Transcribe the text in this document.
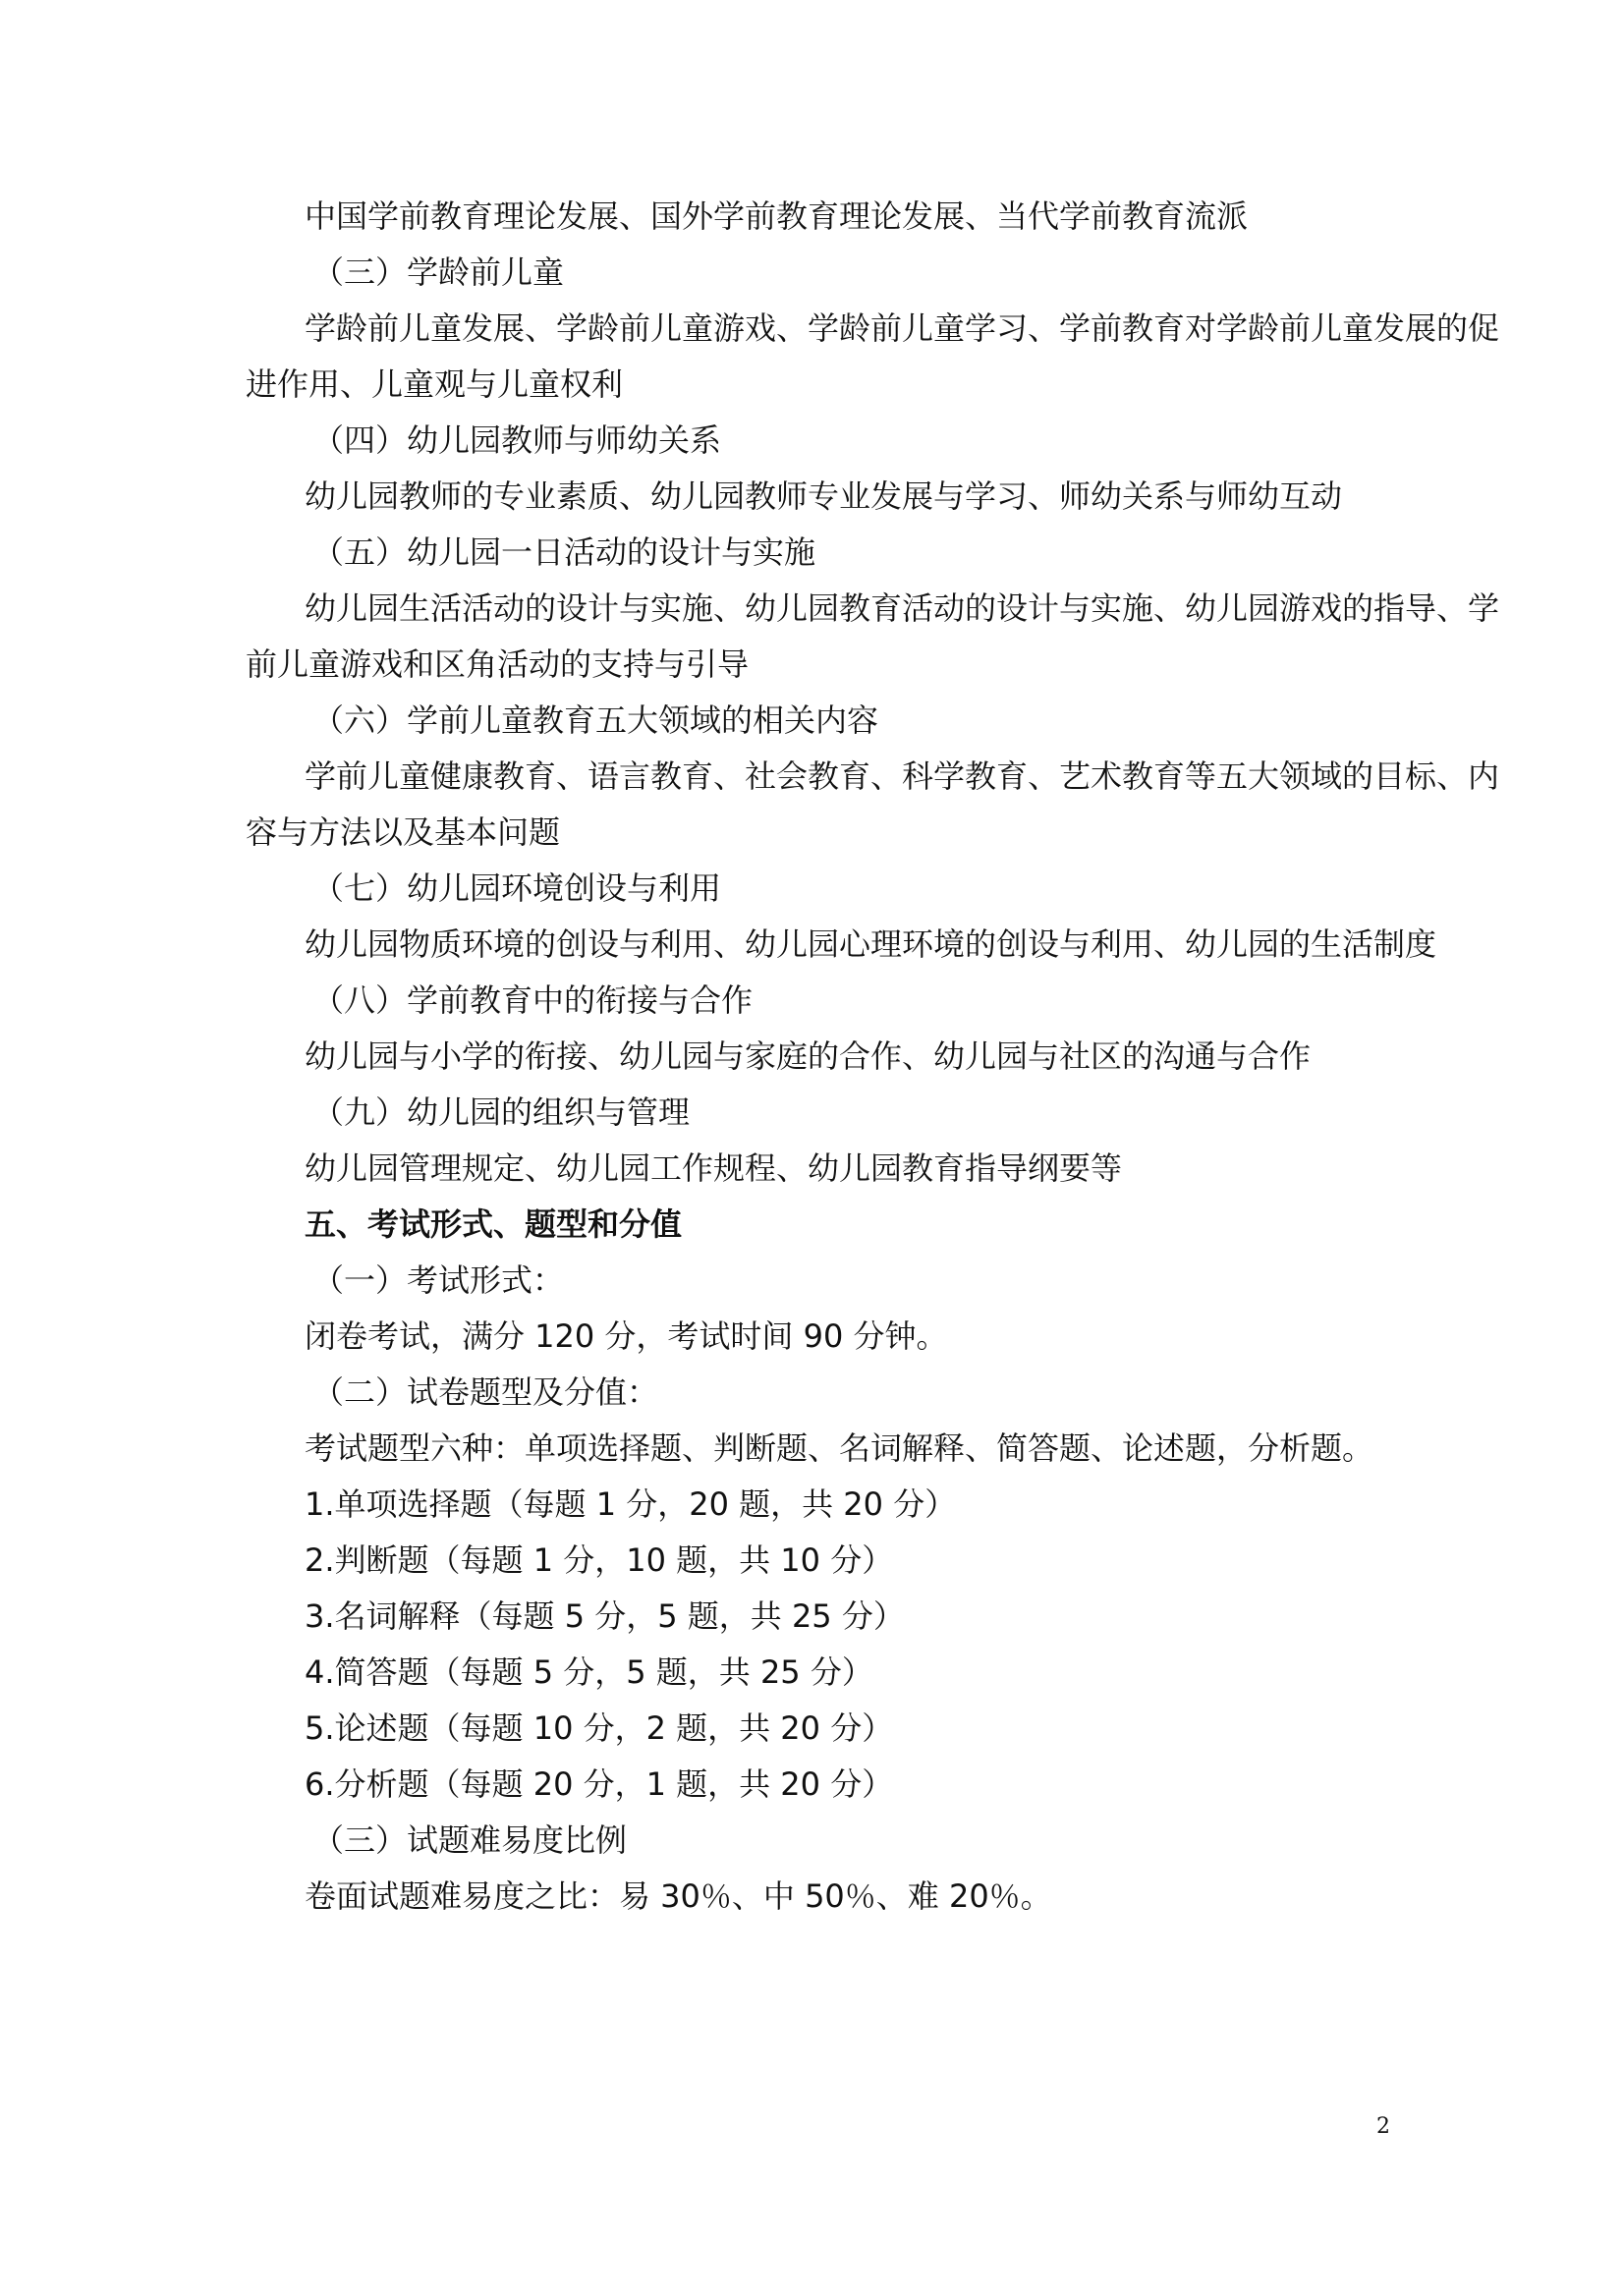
中国学前教育理论发展、国外学前教育理论发展、当代学前教育流派
（三）学龄前儿童
学龄前儿童发展、学龄前儿童游戏、学龄前儿童学习、学前教育对学龄前儿童发展的促
进作用、儿童观与儿童权利
（四）幼儿园教师与师幼关系
幼儿园教师的专业素质、幼儿园教师专业发展与学习、师幼关系与师幼互动
（五）幼儿园一日活动的设计与实施
幼儿园生活活动的设计与实施、幼儿园教育活动的设计与实施、幼儿园游戏的指导、学
前儿童游戏和区角活动的支持与引导
（六）学前儿童教育五大领域的相关内容
学前儿童健康教育、语言教育、社会教育、科学教育、艺术教育等五大领域的目标、内
容与方法以及基本问题
（七）幼儿园环境创设与利用
幼儿园物质环境的创设与利用、幼儿园心理环境的创设与利用、幼儿园的生活制度
（八）学前教育中的衔接与合作
幼儿园与小学的衔接、幼儿园与家庭的合作、幼儿园与社区的沟通与合作
（九）幼儿园的组织与管理
幼儿园管理规定、幼儿园工作规程、幼儿园教育指导纲要等
五、考试形式、题型和分值
（一）考试形式：
闭卷考试，满分 120 分，考试时间 90 分钟。
（二）试卷题型及分值：
考试题型六种：单项选择题、判断题、名词解释、简答题、论述题，分析题。
1.单项选择题（每题 1 分，20 题，共 20 分）
2.判断题（每题 1 分，10 题，共 10 分）
3.名词解释（每题 5 分，5 题，共 25 分）
4.简答题（每题 5 分，5 题，共 25 分）
5.论述题（每题 10 分，2 题，共 20 分）
6.分析题（每题 20 分，1 题，共 20 分）
（三）试题难易度比例
卷面试题难易度之比：易 30％、中 50％、难 20％。
2
